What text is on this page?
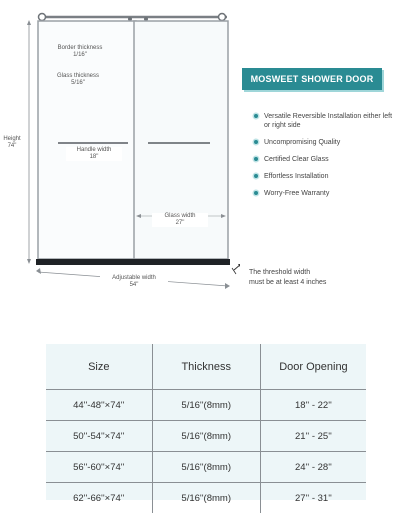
Border thickness
1/16"
Glass thickness
5/16"
Height
74"
Handle width
18"
Glass width
27"
Adjustable width
54"
MOSWEET SHOWER DOOR
Versatile Reversible Installation either left or right side
Uncompromising Quality
Certified Clear Glass
Effortless Installation
Worry-Free Warranty
The threshold width
must be at least 4 inches
Size	Thickness	Door Opening
44''-48''×74''	5/16''(8mm)	18'' - 22''
50''-54''×74''	5/16''(8mm)	21'' - 25''
56''-60''×74''	5/16''(8mm)	24'' - 28''
62''-66''×74''	5/16''(8mm)	27'' - 31''
